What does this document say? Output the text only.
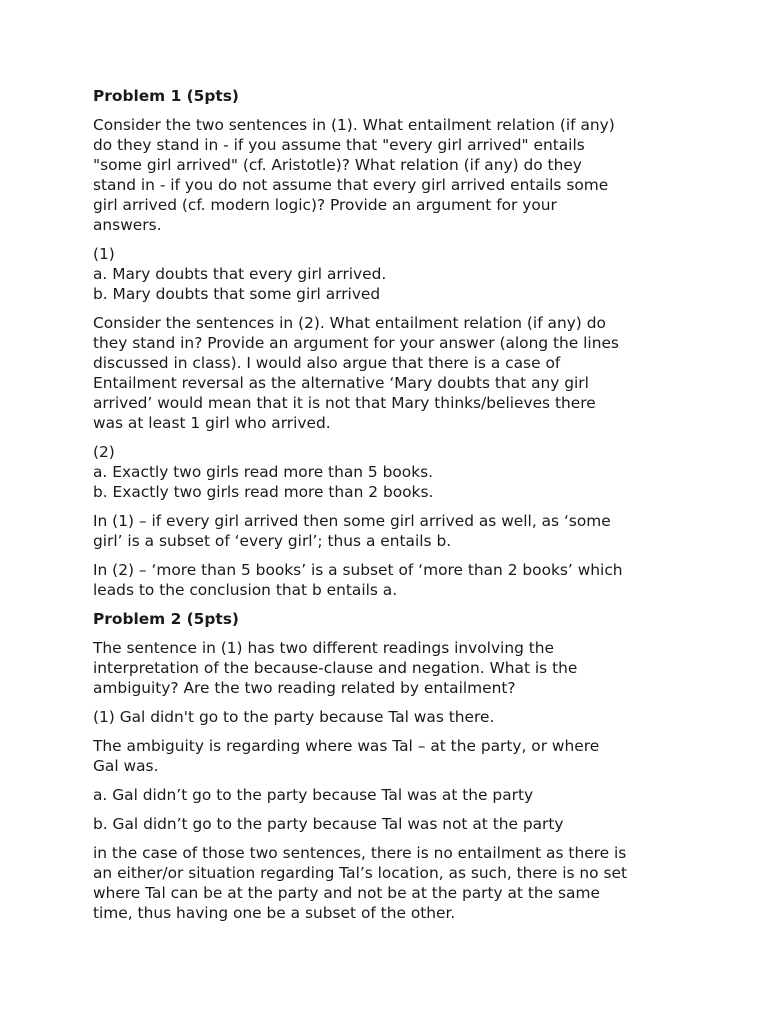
Problem 1 (5pts)
Consider the two sentences in (1). What entailment relation (if any)
do they stand in - if you assume that "every girl arrived" entails
"some girl arrived" (cf. Aristotle)? What relation (if any) do they
stand in - if you do not assume that every girl arrived entails some
girl arrived (cf. modern logic)? Provide an argument for your
answers.
(1)
a. Mary doubts that every girl arrived.
b. Mary doubts that some girl arrived
Consider the sentences in (2). What entailment relation (if any) do
they stand in? Provide an argument for your answer (along the lines
discussed in class). I would also argue that there is a case of
Entailment reversal as the alternative ‘Mary doubts that any girl
arrived’ would mean that it is not that Mary thinks/believes there
was at least 1 girl who arrived.
(2)
a. Exactly two girls read more than 5 books.
b. Exactly two girls read more than 2 books.
In (1) – if every girl arrived then some girl arrived as well, as ‘some
girl’ is a subset of ‘every girl’; thus a entails b.
In (2) – ‘more than 5 books’ is a subset of ‘more than 2 books’ which
leads to the conclusion that b entails a.
Problem 2 (5pts)
The sentence in (1) has two different readings involving the
interpretation of the because-clause and negation. What is the
ambiguity? Are the two reading related by entailment?
(1) Gal didn't go to the party because Tal was there.
The ambiguity is regarding where was Tal – at the party, or where
Gal was.
a. Gal didn’t go to the party because Tal was at the party
b. Gal didn’t go to the party because Tal was not at the party
in the case of those two sentences, there is no entailment as there is
an either/or situation regarding Tal’s location, as such, there is no set
where Tal can be at the party and not be at the party at the same
time, thus having one be a subset of the other.
